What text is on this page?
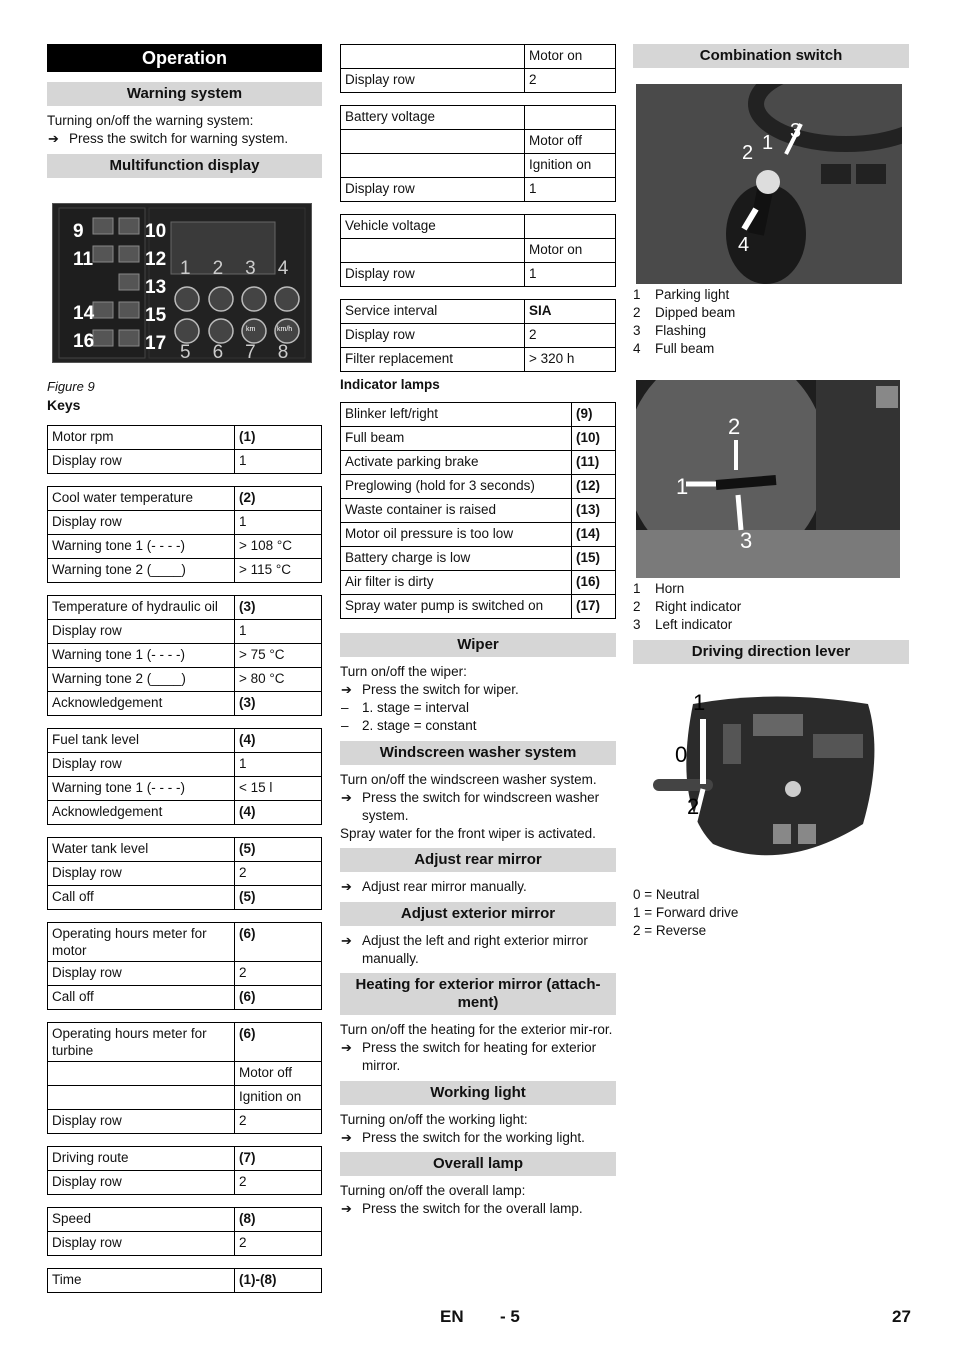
Operation
Warning system

Turning on/off the warning system:

➔ Press the switch for warning system.

Multifunction display
9
11
14
16
10
12
13
15
17
1 2 3 4
km	km/h
5 6 7 8
Figure 9
Keys
Motor rpm	(1)
Display row	1
Cool water temperature	(2)
Display row	1
Warning tone 1 (- - - -)	> 108 °C
Warning tone 2 (____)	> 115 °C
Temperature of hydraulic oil	(3)
Display row	1
Warning tone 1 (- - - -)	> 75 °C
Warning tone 2 (____)	> 80 °C
Acknowledgement	(3)
Fuel tank level	(4)
Display row	1
Warning tone 1 (- - - -)	< 15 l
Acknowledgement	(4)
Water tank level	(5)
Display row	2
Call off	(5)
Operating hours meter for motor	(6)
Display row	2
Call off	(6)
Operating hours meter for turbine	(6)
	Motor off
	Ignition on
Display row	2
Driving route	(7)
Display row	2
Speed	(8)
Display row	2
Time	(1)-(8)
	Motor on
Display row	2
Battery voltage	
	Motor off
	Ignition on
Display row	1
Vehicle voltage	
	Motor on
Display row	1
Service interval	SIA
Display row	2
Filter replacement	> 320 h
Indicator lamps
Blinker left/right	(9)
Full beam	(10)
Activate parking brake	(11)
Preglowing (hold for 3 seconds)	(12)
Waste container is raised	(13)
Motor oil pressure is too low	(14)
Battery charge is low	(15)
Air filter is dirty	(16)
Spray water pump is switched on	(17)
Wiper

Turn on/off the wiper:

➔ Press the switch for wiper.

– 1. stage = interval

– 2. stage = constant

Windscreen washer system

Turn on/off the windscreen washer system.

➔ Press the switch for windscreen washer system.

Spray water for the front wiper is activated.

Adjust rear mirror

➔ Adjust rear mirror manually.

Adjust exterior mirror

➔ Adjust the left and right exterior mirror manually.

Heating for exterior mirror (attach-ment)

Turn on/off the heating for the exterior mir-ror.

➔ Press the switch for heating for exterior mirror.

Working light

Turning on/off the working light:

➔ Press the switch for the working light.

Overall lamp

Turning on/off the overall lamp:

➔ Press the switch for the overall lamp.

Combination switch
3
2 1
4

1	Parking light

2	Dipped beam

3	Flashing

4	Full beam

2
1
3

1	Horn

2	Right indicator

3	Left indicator

Driving direction lever
1
0
2

0 = Neutral

1 = Forward drive

2 = Reverse

EN - 5	27
